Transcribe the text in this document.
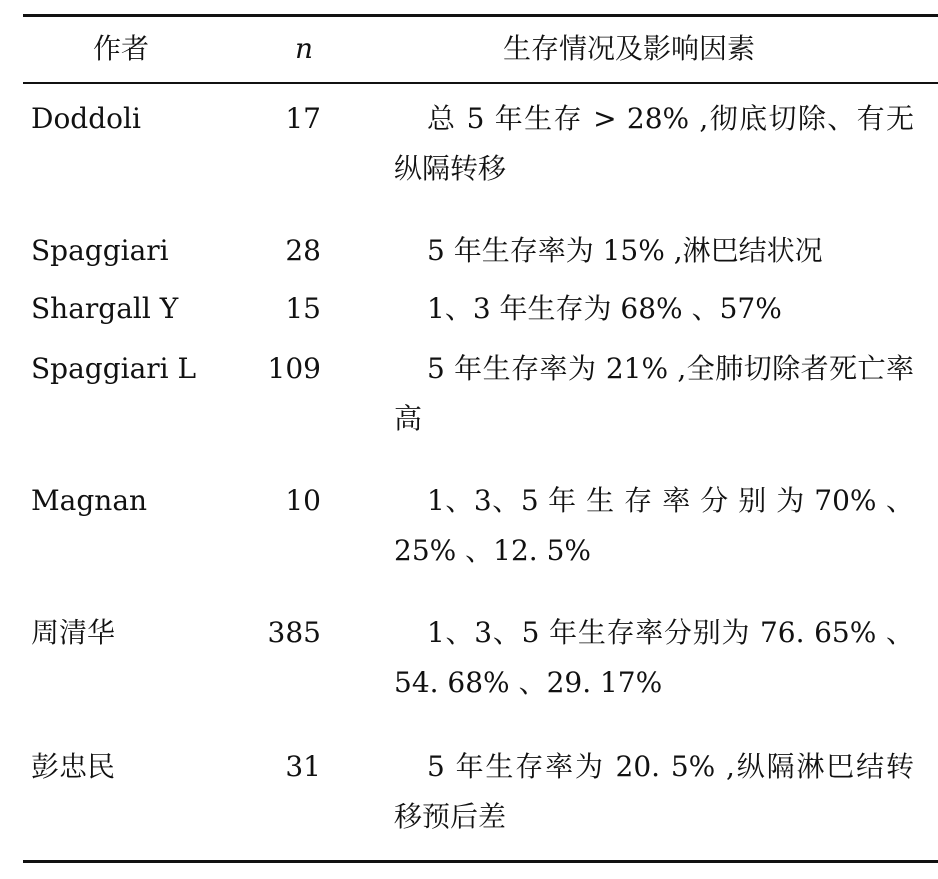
作者	n	生存情况及影响因素
Doddoli	17	总 5 年生存 > 28% ,彻底切除、有无纵隔转移
Spaggiari	28	5 年生存率为 15% ,淋巴结状况
Shargall Y	15	1、3 年生存为 68% 、57%
Spaggiari L	109	5 年生存率为 21% ,全肺切除者死亡率高
Magnan	10	1、3、5 年 生 存 率 分 别 为 70% 、25% 、12. 5%
周清华	385	1、3、5 年生存率分别为 76. 65% 、54. 68% 、29. 17%
彭忠民	31	5 年生存率为 20. 5% ,纵隔淋巴结转移预后差
